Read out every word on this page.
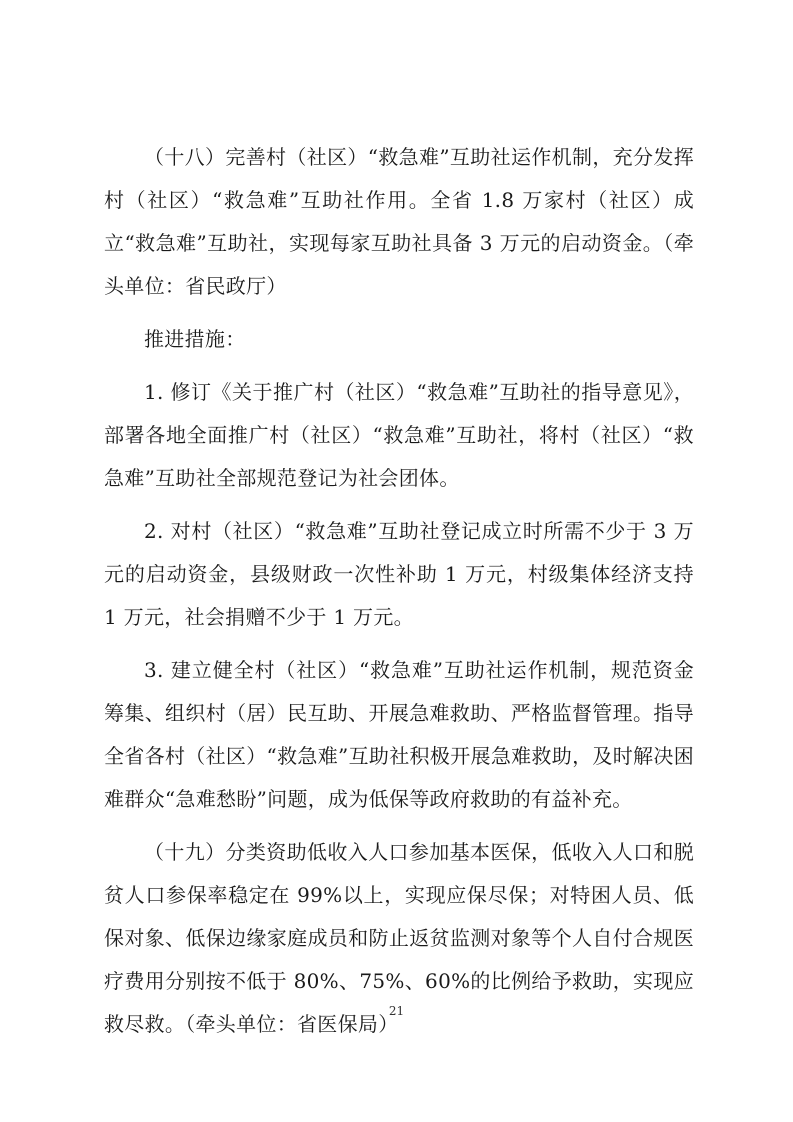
（十八）完善村（社区）“救急难”互助社运作机制，充分发挥村（社区）“救急难”互助社作用。全省 1.8 万家村（社区）成立“救急难”互助社，实现每家互助社具备 3 万元的启动资金。（牵头单位：省民政厅）

推进措施：

1. 修订《关于推广村（社区）“救急难”互助社的指导意见》，部署各地全面推广村（社区）“救急难”互助社，将村（社区）“救急难”互助社全部规范登记为社会团体。

2. 对村（社区）“救急难”互助社登记成立时所需不少于 3 万元的启动资金，县级财政一次性补助 1 万元，村级集体经济支持 1 万元，社会捐赠不少于 1 万元。

3. 建立健全村（社区）“救急难”互助社运作机制，规范资金筹集、组织村（居）民互助、开展急难救助、严格监督管理。指导全省各村（社区）“救急难”互助社积极开展急难救助，及时解决困难群众“急难愁盼”问题，成为低保等政府救助的有益补充。

（十九）分类资助低收入人口参加基本医保，低收入人口和脱贫人口参保率稳定在 99%以上，实现应保尽保；对特困人员、低保对象、低保边缘家庭成员和防止返贫监测对象等个人自付合规医疗费用分别按不低于 80%、75%、60%的比例给予救助，实现应救尽救。（牵头单位：省医保局）

21
